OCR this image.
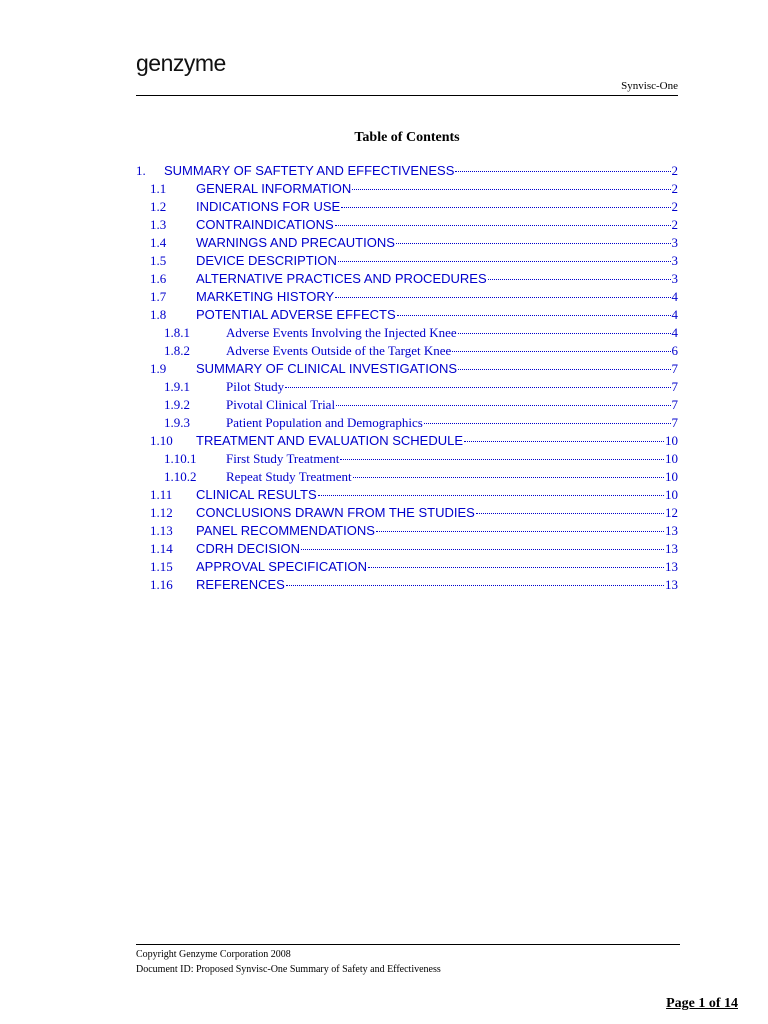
genzyme
Synvisc-One
Table of Contents
1.	SUMMARY OF SAFTETY AND EFFECTIVENESS	2
1.1	GENERAL INFORMATION	2
1.2	INDICATIONS FOR USE	2
1.3	CONTRAINDICATIONS	2
1.4	WARNINGS AND PRECAUTIONS	3
1.5	DEVICE DESCRIPTION	3
1.6	ALTERNATIVE PRACTICES AND PROCEDURES	3
1.7	MARKETING HISTORY	4
1.8	POTENTIAL ADVERSE EFFECTS	4
1.8.1	Adverse Events Involving the Injected Knee	4
1.8.2	Adverse Events Outside of the Target Knee	6
1.9	SUMMARY OF CLINICAL INVESTIGATIONS	7
1.9.1	Pilot Study	7
1.9.2	Pivotal Clinical Trial	7
1.9.3	Patient Population and Demographics	7
1.10	TREATMENT AND EVALUATION SCHEDULE	10
1.10.1	First Study Treatment	10
1.10.2	Repeat Study Treatment	10
1.11	CLINICAL RESULTS	10
1.12	CONCLUSIONS DRAWN FROM THE STUDIES	12
1.13	PANEL RECOMMENDATIONS	13
1.14	CDRH DECISION	13
1.15	APPROVAL SPECIFICATION	13
1.16	REFERENCES	13
Copyright Genzyme Corporation 2008
Document ID: Proposed Synvisc-One Summary of Safety and Effectiveness
Page 1 of 14
